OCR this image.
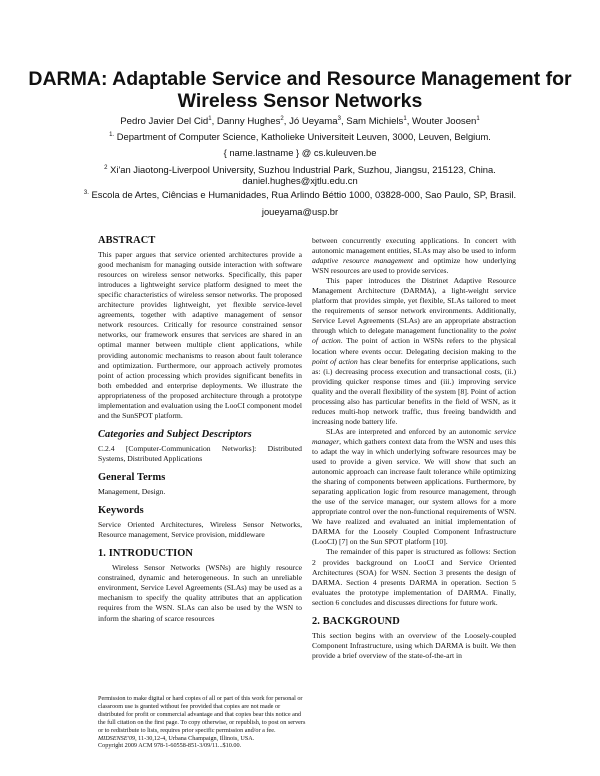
DARMA: Adaptable Service and Resource Management for
Wireless Sensor Networks
Pedro Javier Del Cid$^1$, Danny Hughes$^2$, Jó Ueyama$^3$, Sam Michiels$^1$, Wouter Joosen$^1$
$^{1.}$ Department of Computer Science, Katholieke Universiteit Leuven, 3000, Leuven, Belgium.
{ name.lastname } @ cs.kuleuven.be
$^2$ Xi'an Jiaotong-Liverpool University, Suzhou Industrial Park, Suzhou, Jiangsu, 215123, China.
daniel.hughes@xjtlu.edu.cn
$^{3.}$ Escola de Artes, Ciências e Humanidades, Rua Arlindo Béttio 1000, 03828-000, Sao Paulo, SP, Brasil.
joueyama@usp.br
ABSTRACT

This paper argues that service oriented architectures provide a good mechanism for managing outside interaction with software resources on wireless sensor networks. Specifically, this paper introduces a lightweight service platform designed to meet the specific characteristics of wireless sensor networks. The proposed architecture provides lightweight, yet flexible service-level agreements, together with adaptive management of sensor network resources. Critically for resource constrained sensor networks, our framework ensures that services are shared in an optimal manner between multiple client applications, while providing autonomic mechanisms to reason about fault tolerance and optimization. Furthermore, our approach actively promotes point of action processing which provides significant benefits in both embedded and enterprise deployments. We illustrate the appropriateness of the proposed architecture through a prototype implementation and evaluation using the LooCI component model and the SunSPOT platform.

Categories and Subject Descriptors

C.2.4 [Computer-Communication Networks]: Distributed Systems, Distributed Applications

General Terms

Management, Design.

Keywords

Service Oriented Architectures, Wireless Sensor Networks, Resource management, Service provision, middleware

1. INTRODUCTION

Wireless Sensor Networks (WSNs) are highly resource constrained, dynamic and heterogeneous. In such an unreliable environment, Service Level Agreements (SLAs) may be used as a mechanism to specify the quality attributes that an application requires from the WSN. SLAs can also be used by the WSN to inform the sharing of scarce resources

Permission to make digital or hard copies of all or part of this work for personal or classroom use is granted without fee provided that copies are not made or distributed for profit or commercial advantage and that copies bear this notice and the full citation on the first page. To copy otherwise, or republish, to post on servers or to redistribute to lists, requires prior specific permission and/or a fee.
MIDSENSE'09, 11-30,12-4, Urbana Champaign, Illinois, USA.
Copyright 2009 ACM 978-1-60558-851-3/09/11...$10.00.

between concurrently executing applications. In concert with autonomic management entities, SLAs may also be used to inform adaptive resource management and optimize how underlying WSN resources are used to provide services.

This paper introduces the Distrinet Adaptive Resource Management Architecture (DARMA), a light-weight service platform that provides simple, yet flexible, SLAs tailored to meet the requirements of sensor network environments. Additionally, Service Level Agreements (SLAs) are an appropriate abstraction through which to delegate management functionality to the point of action. The point of action in WSNs refers to the physical location where events occur. Delegating decision making to the point of action has clear benefits for enterprise applications, such as: (i.) decreasing process execution and transactional costs, (ii.) providing quicker response times and (iii.) improving service quality and the overall flexibility of the system [8]. Point of action processing also has particular benefits in the field of WSN, as it reduces multi-hop network traffic, thus freeing bandwidth and increasing node battery life.

SLAs are interpreted and enforced by an autonomic service manager, which gathers context data from the WSN and uses this to adapt the way in which underlying software resources may be used to provide a given service. We will show that such an autonomic approach can increase fault tolerance while optimizing the sharing of components between applications. Furthermore, by separating application logic from resource management, through the use of the service manager, our system allows for a more appropriate control over the non-functional requirements of WSN. We have realized and evaluated an initial implementation of DARMA for the Loosely Coupled Component Infrastructure (LooCI) [7] on the Sun SPOT platform [10].

The remainder of this paper is structured as follows: Section 2 provides background on LooCI and Service Oriented Architectures (SOA) for WSN. Section 3 presents the design of DARMA. Section 4 presents DARMA in operation. Section 5 evaluates the prototype implementation of DARMA. Finally, section 6 concludes and discusses directions for future work.

2. BACKGROUND

This section begins with an overview of the Loosely-coupled Component Infrastructure, using which DARMA is built. We then provide a brief overview of the state-of-the-art in
